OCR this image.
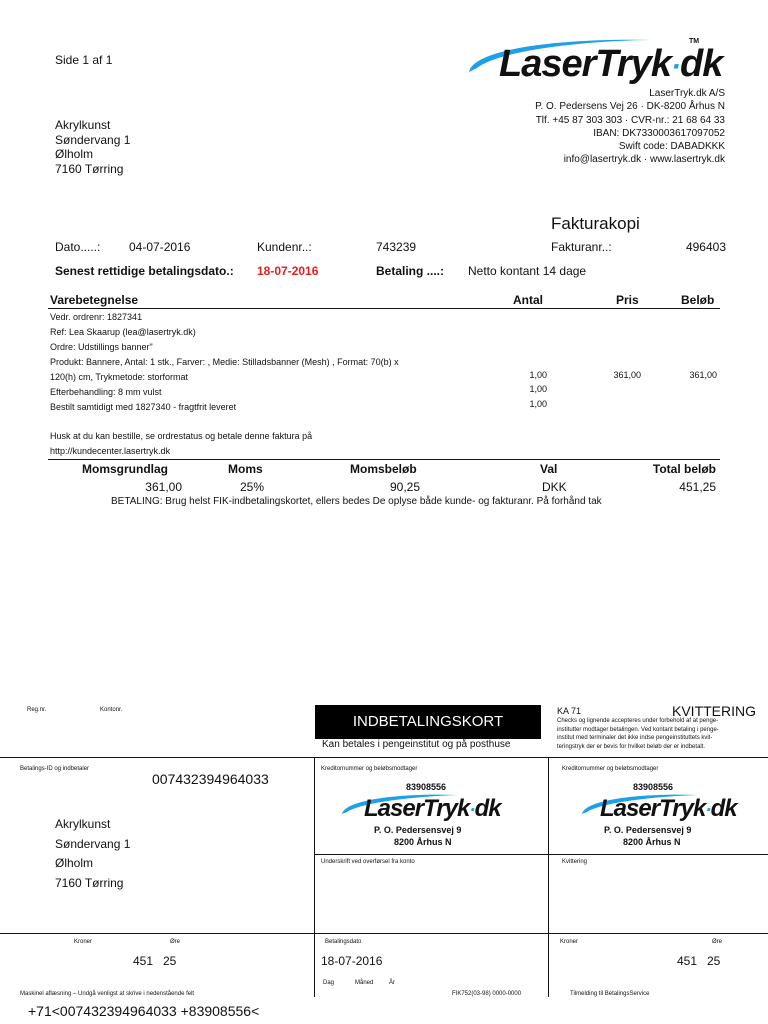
Side 1 af 1	LaserTryk·dk
TM
LaserTryk.dk A/S
P. O. Pedersens Vej 26 · DK-8200 Århus N
Tlf. +45 87 303 303 · CVR-nr.: 21 68 64 33
IBAN: DK7330003617097052
Swift code: DABADKKK
info@lasertryk.dk · www.lasertryk.dk
Akrylkunst
Søndervang 1
Ølholm
7160 Tørring
Fakturakopi
Dato.....: 04-07-2016	Kundenr..:	743239	Fakturanr..:	496403
Senest rettidige betalingsdato.: 18-07-2016	Betaling ....: Netto kontant 14 dage
Varebetegnelse	Antal	Pris	Beløb
Vedr. ordrenr: 1827341
Ref: Lea Skaarup (lea@lasertryk.dk)
Ordre: Udstillings banner"
Produkt: Bannere, Antal: 1 stk., Farver: , Medie: Stilladsbanner (Mesh) , Format: 70(b) x
120(h) cm, Trykmetode: storformat
Efterbehandling: 8 mm vulst
Bestilt samtidigt med 1827340 - fragtfrit leveret
1,00	361,00	361,00
1,00
1,00
Husk at du kan bestille, se ordrestatus og betale denne faktura på
http://kundecenter.lasertryk.dk
Momsgrundlag	Moms	Momsbeløb	Val	Total beløb
361,00	25%	90,25	DKK	451,25
BETALING: Brug helst FIK-indbetalingskortet, ellers bedes De oplyse både kunde- og fakturanr. På forhånd tak
Reg.nr.	Kontonr.
INDBETALINGSKORT
Kan betales i pengeinstitut og på posthuse
KA 71	KVITTERING
Checks og lignende accepteres under forbehold af at penge-
institutter modtager betalingen. Ved kontant betaling i penge-
institut med terminaler det ikke indse pengeinstituttets kvit-
teringstryk der er bevis for hvilket beløb der er indbetalt.
Betalings-ID og indbetaler
007432394964033
Akrylkunst
Søndervang 1
Ølholm
7160 Tørring
Kreditornummer og beløbsmodtager
83908556
LaserTryk·dk
P. O. Pedersensvej 9
8200 Århus N
Underskrift ved overførsel fra konto
Kreditornummer og beløbsmodtager
83908556
LaserTryk·dk
P. O. Pedersensvej 9
8200 Århus N
Kvittering
Kroner	Øre
451 25
Betalingsdato
18-07-2016
Dag	Måned	År
Kroner	Øre
451 25
Maskinel aflæsning – Undgå venligst at skrive i nedenstående felt	FIK752(03-98) 0000-0000	Tilmelding til BetalingsService
+71<007432394964033 +83908556<
